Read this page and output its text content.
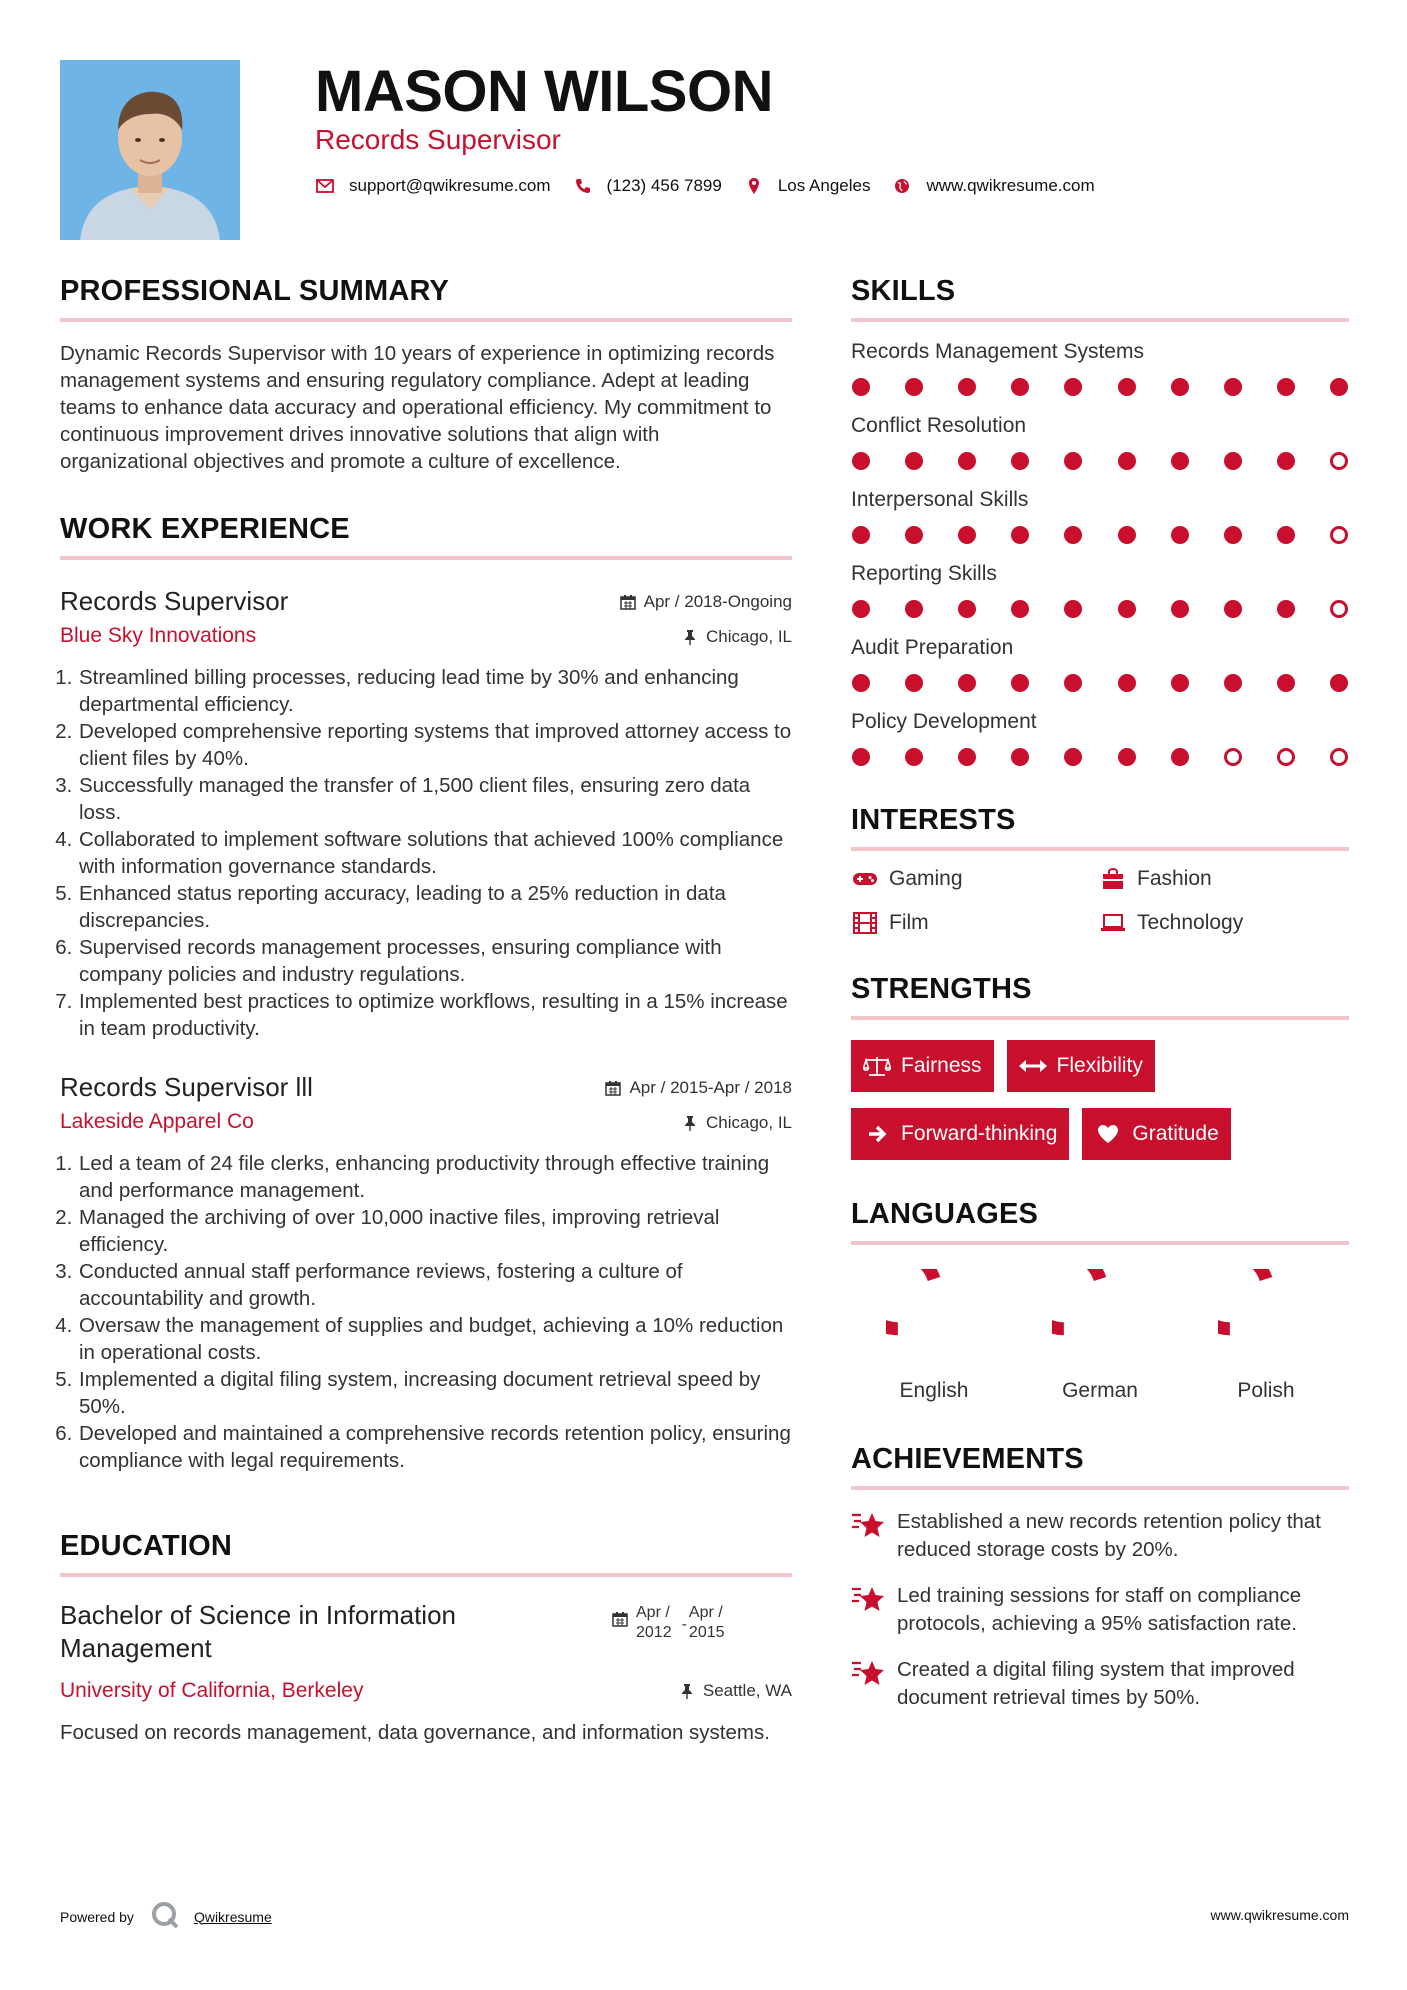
MASON WILSON
Records Supervisor
support@qwikresume.com	(123) 456 7899	Los Angeles	www.qwikresume.com
PROFESSIONAL SUMMARY

Dynamic Records Supervisor with 10 years of experience in optimizing records management systems and ensuring regulatory compliance. Adept at leading teams to enhance data accuracy and operational efficiency. My commitment to continuous improvement drives innovative solutions that align with organizational objectives and promote a culture of excellence.

WORK EXPERIENCE
Records Supervisor
Blue Sky Innovations
Apr / 2018-Ongoing
Chicago, IL
1. Streamlined billing processes, reducing lead time by 30% and enhancing departmental efficiency.
2. Developed comprehensive reporting systems that improved attorney access to client files by 40%.
3. Successfully managed the transfer of 1,500 client files, ensuring zero data loss.
4. Collaborated to implement software solutions that achieved 100% compliance with information governance standards.
5. Enhanced status reporting accuracy, leading to a 25% reduction in data discrepancies.
6. Supervised records management processes, ensuring compliance with company policies and industry regulations.
7. Implemented best practices to optimize workflows, resulting in a 15% increase in team productivity.
Records Supervisor lll
Lakeside Apparel Co
Apr / 2015-Apr / 2018
Chicago, IL
1. Led a team of 24 file clerks, enhancing productivity through effective training and performance management.
2. Managed the archiving of over 10,000 inactive files, improving retrieval efficiency.
3. Conducted annual staff performance reviews, fostering a culture of accountability and growth.
4. Oversaw the management of supplies and budget, achieving a 10% reduction in operational costs.
5. Implemented a digital filing system, increasing document retrieval speed by 50%.
6. Developed and maintained a comprehensive records retention policy, ensuring compliance with legal requirements.
EDUCATION
Bachelor of Science in Information Management
Apr /
2012 -
Apr /
2015
University of California, Berkeley	Seattle, WA

Focused on records management, data governance, and information systems.

SKILLS
Records Management Systems
Conflict Resolution
Interpersonal Skills
Reporting Skills
Audit Preparation
Policy Development
INTERESTS
Gaming	Fashion
Film	Technology
STRENGTHS
Fairness	Flexibility
Forward-thinking	Gratitude
LANGUAGES
English	German	Polish
ACHIEVEMENTS
Established a new records retention policy that reduced storage costs by 20%.
Led training sessions for staff on compliance protocols, achieving a 95% satisfaction rate.
Created a digital filing system that improved document retrieval times by 50%.
Powered by	Qwikresume	www.qwikresume.com
